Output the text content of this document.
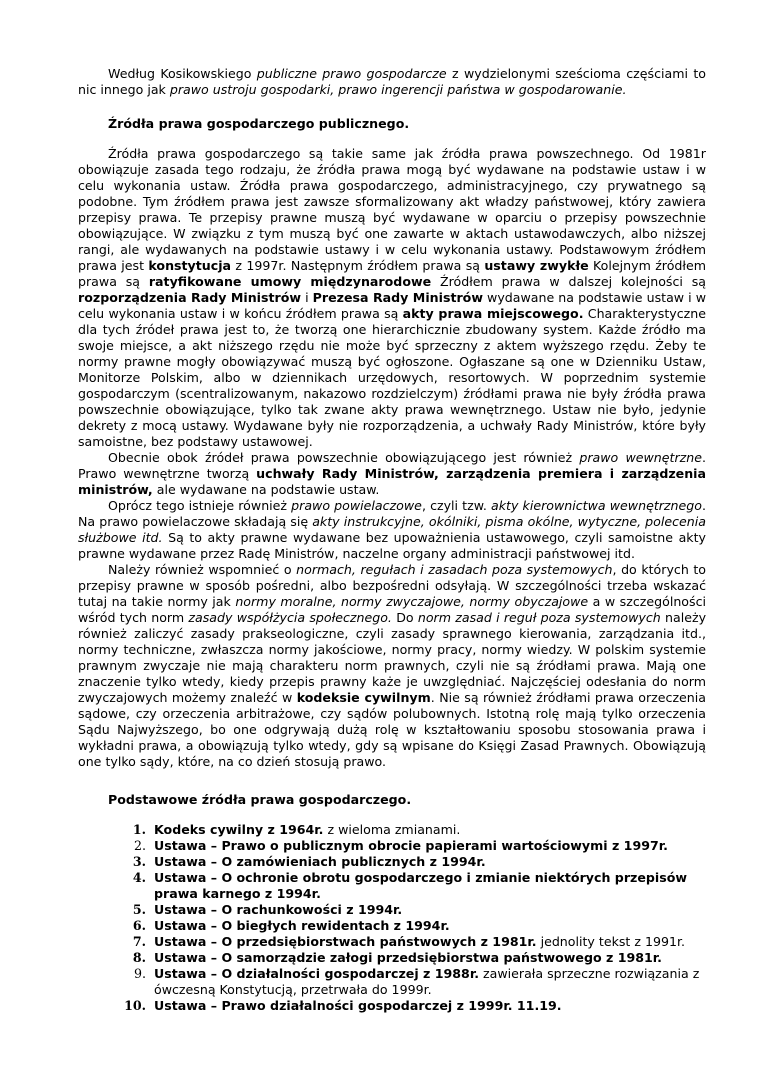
Według Kosikowskiego publiczne prawo gospodarcze z wydzielonymi sześcioma częściami to nic innego jak prawo ustroju gospodarki, prawo ingerencji państwa w gospodarowanie.

Źródła prawa gospodarczego publicznego.

Źródła prawa gospodarczego są takie same jak źródła prawa powszechnego. Od 1981r obowiązuje zasada tego rodzaju, że źródła prawa mogą być wydawane na podstawie ustaw i w celu wykonania ustaw. Źródła prawa gospodarczego, administracyjnego, czy prywatnego są podobne. Tym źródłem prawa jest zawsze sformalizowany akt władzy państwowej, który zawiera przepisy prawa. Te przepisy prawne muszą być wydawane w oparciu o przepisy powszechnie obowiązujące. W związku z tym muszą być one zawarte w aktach ustawodawczych, albo niższej rangi, ale wydawanych na podstawie ustawy i w celu wykonania ustawy. Podstawowym źródłem prawa jest konstytucja z 1997r. Następnym źródłem prawa są ustawy zwykłe Kolejnym źródłem prawa są ratyfikowane umowy międzynarodowe Źródłem prawa w dalszej kolejności są rozporządzenia Rady Ministrów i Prezesa Rady Ministrów wydawane na podstawie ustaw i w celu wykonania ustaw i w końcu źródłem prawa są akty prawa miejscowego. Charakterystyczne dla tych źródeł prawa jest to, że tworzą one hierarchicznie zbudowany system. Każde źródło ma swoje miejsce, a akt niższego rzędu nie może być sprzeczny z aktem wyższego rzędu. Żeby te normy prawne mogły obowiązywać muszą być ogłoszone. Ogłaszane są one w Dzienniku Ustaw, Monitorze Polskim, albo w dziennikach urzędowych, resortowych. W poprzednim systemie gospodarczym (scentralizowanym, nakazowo rozdzielczym) źródłami prawa nie były źródła prawa powszechnie obowiązujące, tylko tak zwane akty prawa wewnętrznego. Ustaw nie było, jedynie dekrety z mocą ustawy. Wydawane były nie rozporządzenia, a uchwały Rady Ministrów, które były samoistne, bez podstawy ustawowej.

Obecnie obok źródeł prawa powszechnie obowiązującego jest również prawo wewnętrzne. Prawo wewnętrzne tworzą uchwały Rady Ministrów, zarządzenia premiera i zarządzenia ministrów, ale wydawane na podstawie ustaw.

Oprócz tego istnieje również prawo powielaczowe, czyli tzw. akty kierownictwa wewnętrznego. Na prawo powielaczowe składają się akty instrukcyjne, okólniki, pisma okólne, wytyczne, polecenia służbowe itd. Są to akty prawne wydawane bez upoważnienia ustawowego, czyli samoistne akty prawne wydawane przez Radę Ministrów, naczelne organy administracji państwowej itd.

Należy również wspomnieć o normach, regułach i zasadach poza systemowych, do których to przepisy prawne w sposób pośredni, albo bezpośredni odsyłają. W szczególności trzeba wskazać tutaj na takie normy jak normy moralne, normy zwyczajowe, normy obyczajowe a w szczególności wśród tych norm zasady współżycia społecznego. Do norm zasad i reguł poza systemowych należy również zaliczyć zasady prakseologiczne, czyli zasady sprawnego kierowania, zarządzania itd., normy techniczne, zwłaszcza normy jakościowe, normy pracy, normy wiedzy. W polskim systemie prawnym zwyczaje nie mają charakteru norm prawnych, czyli nie są źródłami prawa. Mają one znaczenie tylko wtedy, kiedy przepis prawny każe je uwzględniać. Najczęściej odesłania do norm zwyczajowych możemy znaleźć w kodeksie cywilnym. Nie są również źródłami prawa orzeczenia sądowe, czy orzeczenia arbitrażowe, czy sądów polubownych. Istotną rolę mają tylko orzeczenia Sądu Najwyższego, bo one odgrywają dużą rolę w kształtowaniu sposobu stosowania prawa i wykładni prawa, a obowiązują tylko wtedy, gdy są wpisane do Księgi Zasad Prawnych. Obowiązują one tylko sądy, które, na co dzień stosują prawo.

Podstawowe źródła prawa gospodarczego.
1. Kodeks cywilny z 1964r. z wieloma zmianami.
2. Ustawa – Prawo o publicznym obrocie papierami wartościowymi z 1997r.
3. Ustawa – O zamówieniach publicznych z 1994r.
4. Ustawa – O ochronie obrotu gospodarczego i zmianie niektórych przepisów prawa karnego z 1994r.
5. Ustawa – O rachunkowości z 1994r.
6. Ustawa – O biegłych rewidentach z 1994r.
7. Ustawa – O przedsiębiorstwach państwowych z 1981r. jednolity tekst z 1991r.
8. Ustawa – O samorządzie załogi przedsiębiorstwa państwowego z 1981r.
9. Ustawa – O działalności gospodarczej z 1988r. zawierała sprzeczne rozwiązania z ówczesną Konstytucją, przetrwała do 1999r.
10. Ustawa – Prawo działalności gospodarczej z 1999r. 11.19.
